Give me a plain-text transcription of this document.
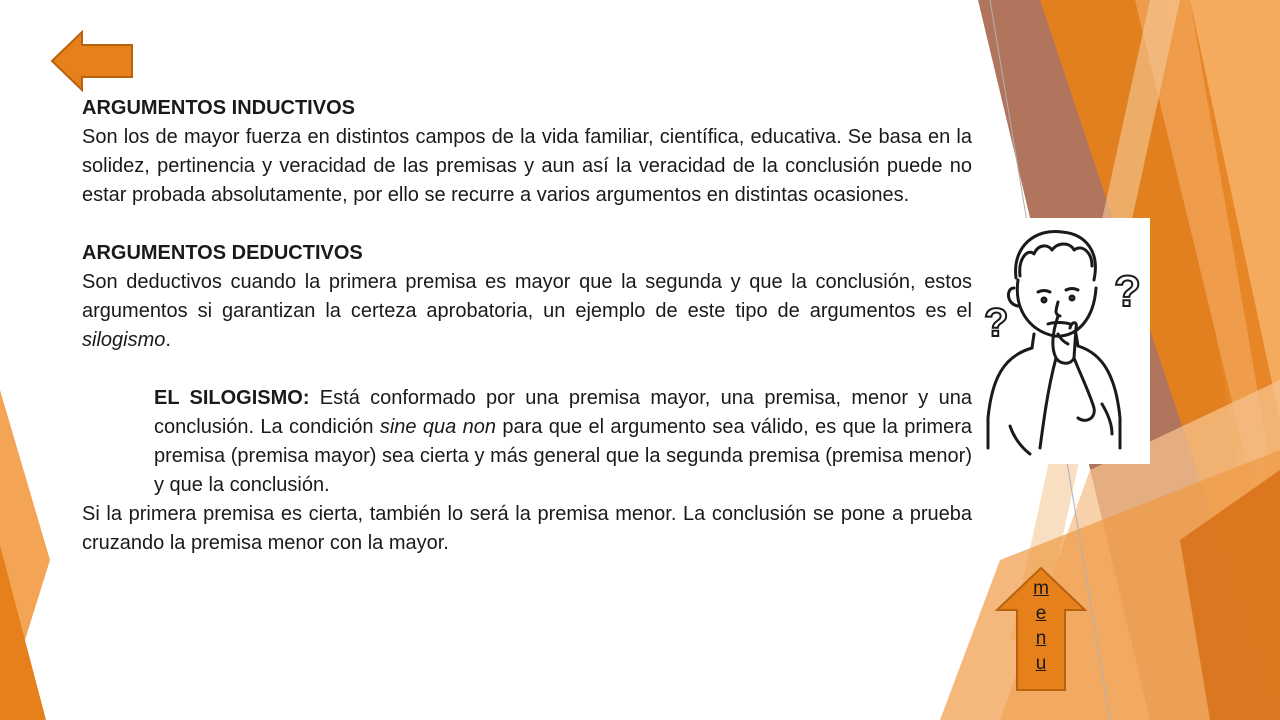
ARGUMENTOS INDUCTIVOS

Son los de mayor fuerza en distintos campos de la vida familiar, científica, educativa. Se basa en la solidez, pertinencia y veracidad de las premisas y aun así la veracidad de la conclusión puede no estar probada absolutamente, por ello se recurre a varios argumentos en distintas ocasiones.

ARGUMENTOS DEDUCTIVOS

Son deductivos cuando la primera premisa es mayor que la segunda y que la conclusión, estos argumentos si garantizan la certeza aprobatoria, un ejemplo de este tipo de argumentos es el silogismo.

EL SILOGISMO: Está conformado por una premisa mayor, una premisa, menor y una conclusión. La condición sine qua non para que el argumento sea válido, es que la primera premisa (premisa mayor) sea cierta y más general que la segunda premisa (premisa menor) y que la conclusión.

Si la primera premisa es cierta, también lo será la premisa menor. La conclusión se pone a prueba cruzando la premisa menor con la mayor.

?
?
m
e
n
u
